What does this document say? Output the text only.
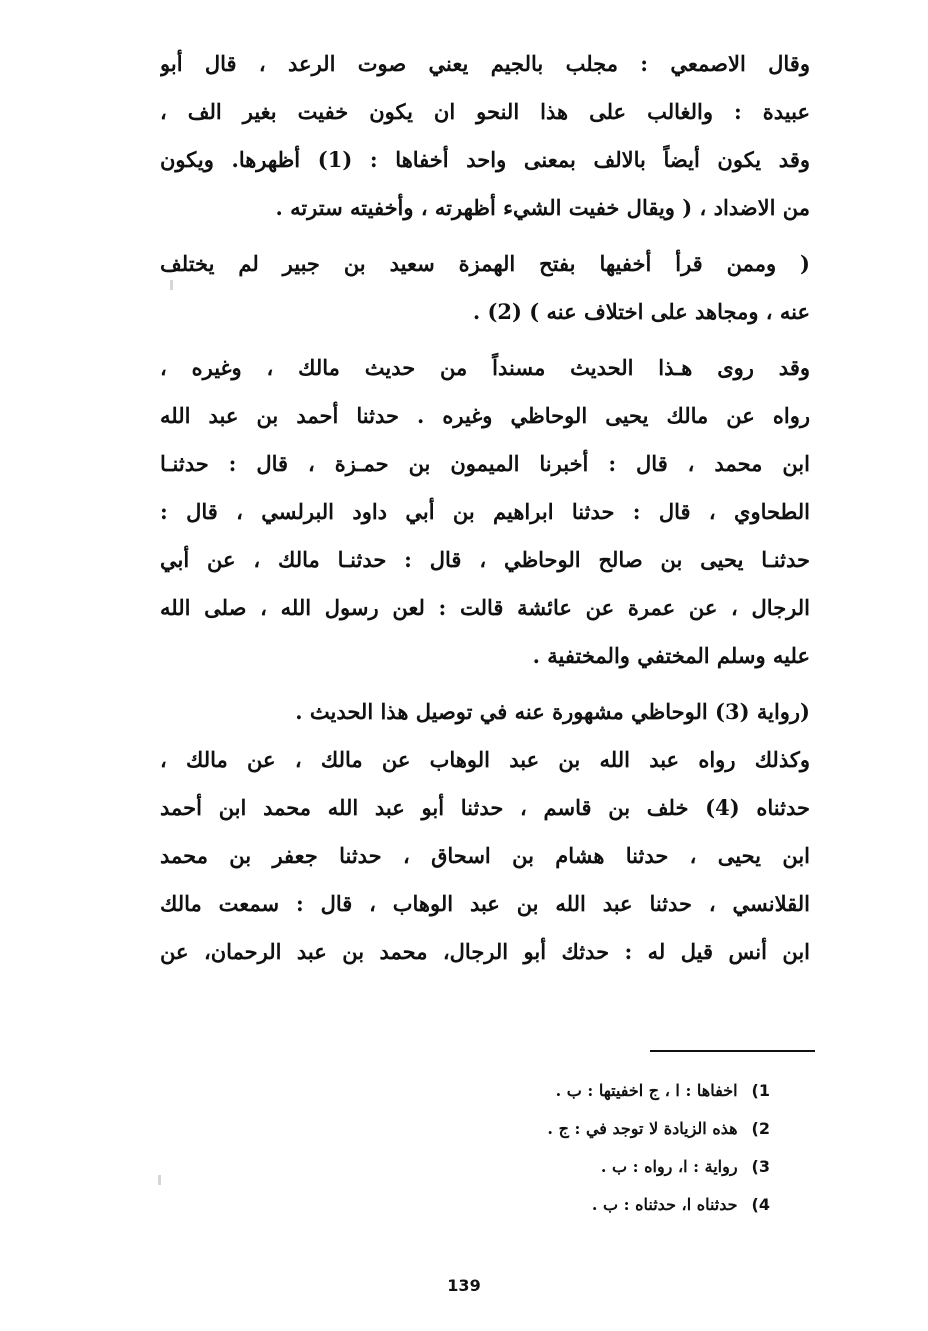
وقال الاصمعي : مجلب بالجيم يعني صوت الرعد ، قال أبو
عبيدة : والغالب على هذا النحو ان يكون خفيت بغير الف ،
وقد يكون أيضاً بالالف بمعنى واحد أخفاها : (1) أظهرها. ويكون
من الاضداد ، ( ويقال خفيت الشيء أظهرته ، وأخفيته سترته .
( وممن قرأ أخفيها بفتح الهمزة سعيد بن جبير لم يختلف
عنه ، ومجاهد على اختلاف عنه ) (2) .
وقد روى هـذا الحديث مسنداً من حديث مالك ، وغيره ،
رواه عن مالك يحيى الوحاظي وغيره . حدثنا أحمد بن عبد الله
ابن محمد ، قال : أخبرنا الميمون بن حمـزة ، قال : حدثنـا
الطحاوي ، قال : حدثنا ابراهيم بن أبي داود البرلسي ، قال :
حدثنـا يحيى بن صالح الوحاظي ، قال : حدثنـا مالك ، عن أبي
الرجال ، عن عمرة عن عائشة قالت : لعن رسول الله ، صلى الله
عليه وسلم المختفي والمختفية .
(رواية (3) الوحاظي مشهورة عنه في توصيل هذا الحديث .
وكذلك رواه عبد الله بن عبد الوهاب عن مالك ، عن مالك ،
حدثناه (4) خلف بن قاسم ، حدثنا أبو عبد الله محمد ابن أحمد
ابن يحيى ، حدثنا هشام بن اسحاق ، حدثنا جعفر بن محمد
القلانسي ، حدثنا عبد الله بن عبد الوهاب ، قال : سمعت مالك
ابن أنس قيل له : حدثك أبو الرجال، محمد بن عبد الرحمان، عن
1)اخفاها : ا ، ج اخفيتها : ب .
2)هذه الزيادة لا توجد في : ج .
3)رواية : ا، رواه : ب .
4)حدثناه ا، حدثناه : ب .
139
